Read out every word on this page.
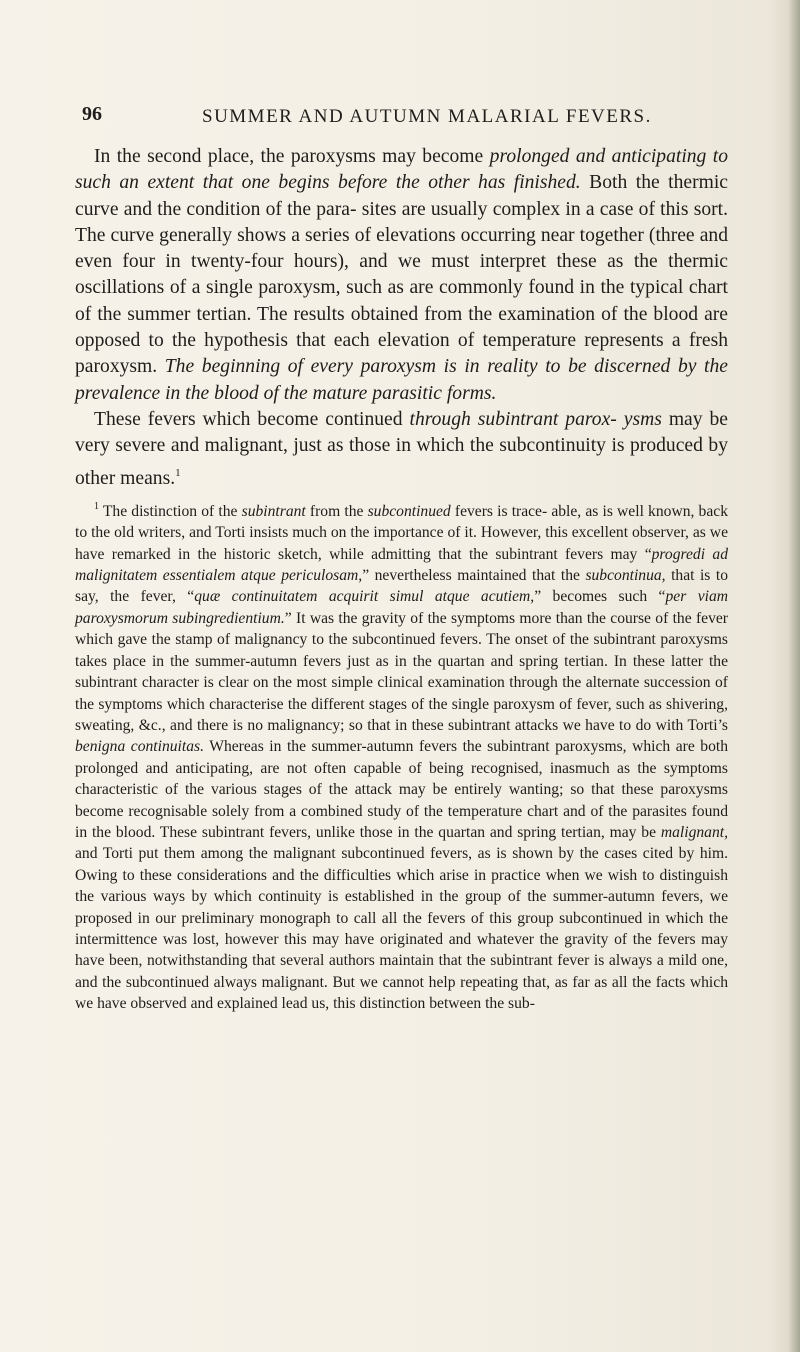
96	SUMMER AND AUTUMN MALARIAL FEVERS.

In the second place, the paroxysms may become prolonged and anticipating to such an extent that one begins before the other has finished. Both the thermic curve and the condition of the para- sites are usually complex in a case of this sort. The curve generally shows a series of elevations occurring near together (three and even four in twenty-four hours), and we must interpret these as the thermic oscillations of a single paroxysm, such as are commonly found in the typical chart of the summer tertian. The results obtained from the examination of the blood are opposed to the hypothesis that each elevation of temperature represents a fresh paroxysm. The beginning of every paroxysm is in reality to be discerned by the prevalence in the blood of the mature parasitic forms.

These fevers which become continued through subintrant parox- ysms may be very severe and malignant, just as those in which the subcontinuity is produced by other means.$^1$

$^1$ The distinction of the subintrant from the subcontinued fevers is trace- able, as is well known, back to the old writers, and Torti insists much on the importance of it. However, this excellent observer, as we have remarked in the historic sketch, while admitting that the subintrant fevers may “progredi ad malignitatem essentialem atque periculosam,” nevertheless maintained that the subcontinua, that is to say, the fever, “quæ continuitatem acquirit simul atque acutiem,” becomes such “per viam paroxysmorum subingredientium.” It was the gravity of the symptoms more than the course of the fever which gave the stamp of malignancy to the subcontinued fevers. The onset of the subintrant paroxysms takes place in the summer-autumn fevers just as in the quartan and spring tertian. In these latter the subintrant character is clear on the most simple clinical examination through the alternate succession of the symptoms which characterise the different stages of the single paroxysm of fever, such as shivering, sweating, &c., and there is no malignancy; so that in these subintrant attacks we have to do with Torti’s benigna continuitas. Whereas in the summer-autumn fevers the subintrant paroxysms, which are both prolonged and anticipating, are not often capable of being recognised, inasmuch as the symptoms characteristic of the various stages of the attack may be entirely wanting; so that these paroxysms become recognisable solely from a combined study of the temperature chart and of the parasites found in the blood. These subintrant fevers, unlike those in the quartan and spring tertian, may be malignant, and Torti put them among the malignant subcontinued fevers, as is shown by the cases cited by him. Owing to these considerations and the difficulties which arise in practice when we wish to distinguish the various ways by which continuity is established in the group of the summer-autumn fevers, we proposed in our preliminary monograph to call all the fevers of this group subcontinued in which the intermittence was lost, however this may have originated and whatever the gravity of the fevers may have been, notwithstanding that several authors maintain that the subintrant fever is always a mild one, and the subcontinued always malignant. But we cannot help repeating that, as far as all the facts which we have observed and explained lead us, this distinction between the sub-
